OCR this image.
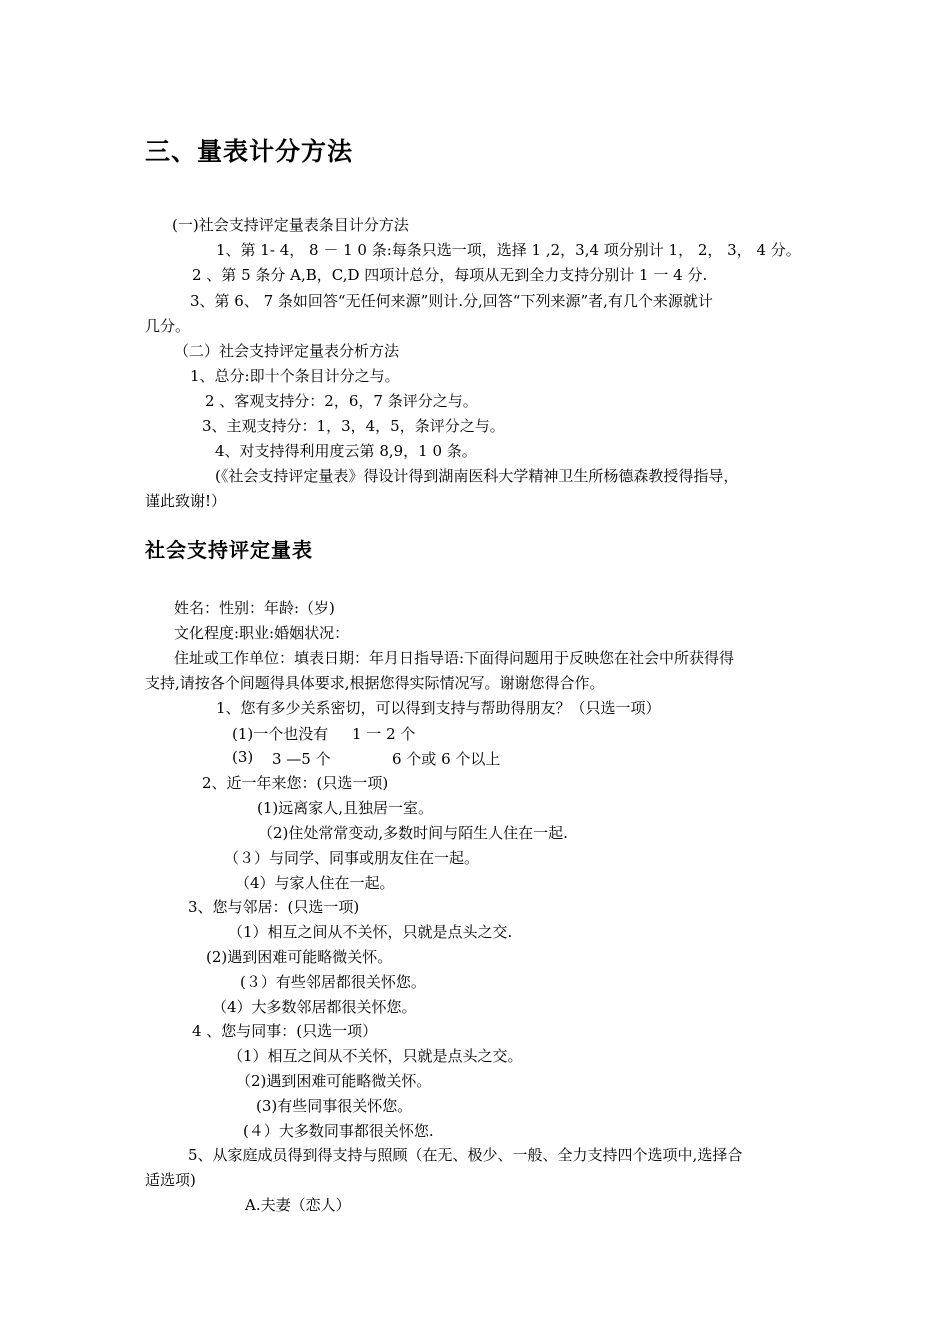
三、量表计分方法
(一)社会支持评定量表条目计分方法
1、第 1- 4， 8 － 1 0 条:每条只选一项，选择 1 ,2，3,4 项分别计 1， 2， 3， 4 分。
2 、第 5 条分 A,B，C,D 四项计总分，每项从无到全力支持分别计 1 一 4 分.
3、第 6、 7 条如回答“无任何来源”则计.分,回答“下列来源”者,有几个来源就计
几分。
（二）社会支持评定量表分析方法
1、总分:即十个条目计分之与。
2 、客观支持分：2，6，7 条评分之与。
3、主观支持分：1，3，4，5，条评分之与。
4、对支持得利用度云第 8,9，1 0 条。
(《社会支持评定量表》得设计得到湖南医科大学精神卫生所杨德森教授得指导，
谨此致谢!）
社会支持评定量表
姓名：性别：年龄:（岁)
文化程度:职业:婚姻状况：
住址或工作单位：填表日期：年月日指导语:下面得问题用于反映您在社会中所获得得
支持,请按各个间题得具体要求,根据您得实际情况写。谢谢您得合作。
1、您有多少关系密切，可以得到支持与帮助得朋友？（只选一项）
(1)一个也没有 1 一 2 个
(3) 3 —5 个	6 个或 6 个以上
2、近一年来您：(只选一项)
(1)远离家人,且独居一室。
（2)住处常常变动,多数时间与陌生人住在一起.
（３）与同学、同事或朋友住在一起。
（4）与家人住在一起。
3、您与邻居：(只选一项)
（1）相互之间从不关怀，只就是点头之交.
(2)遇到困难可能略微关怀。
(３）有些邻居都很关怀您。
（4）大多数邻居都很关怀您。
4 、您与同事：(只选一项）
（1）相互之间从不关怀，只就是点头之交。
（2)遇到困难可能略微关怀。
(3)有些同事很关怀您。
(４）大多数同事都很关怀您.
5、从家庭成员得到得支持与照顾（在无、极少、一般、全力支持四个选项中,选择合
适选项)
A.夫妻（恋人）
